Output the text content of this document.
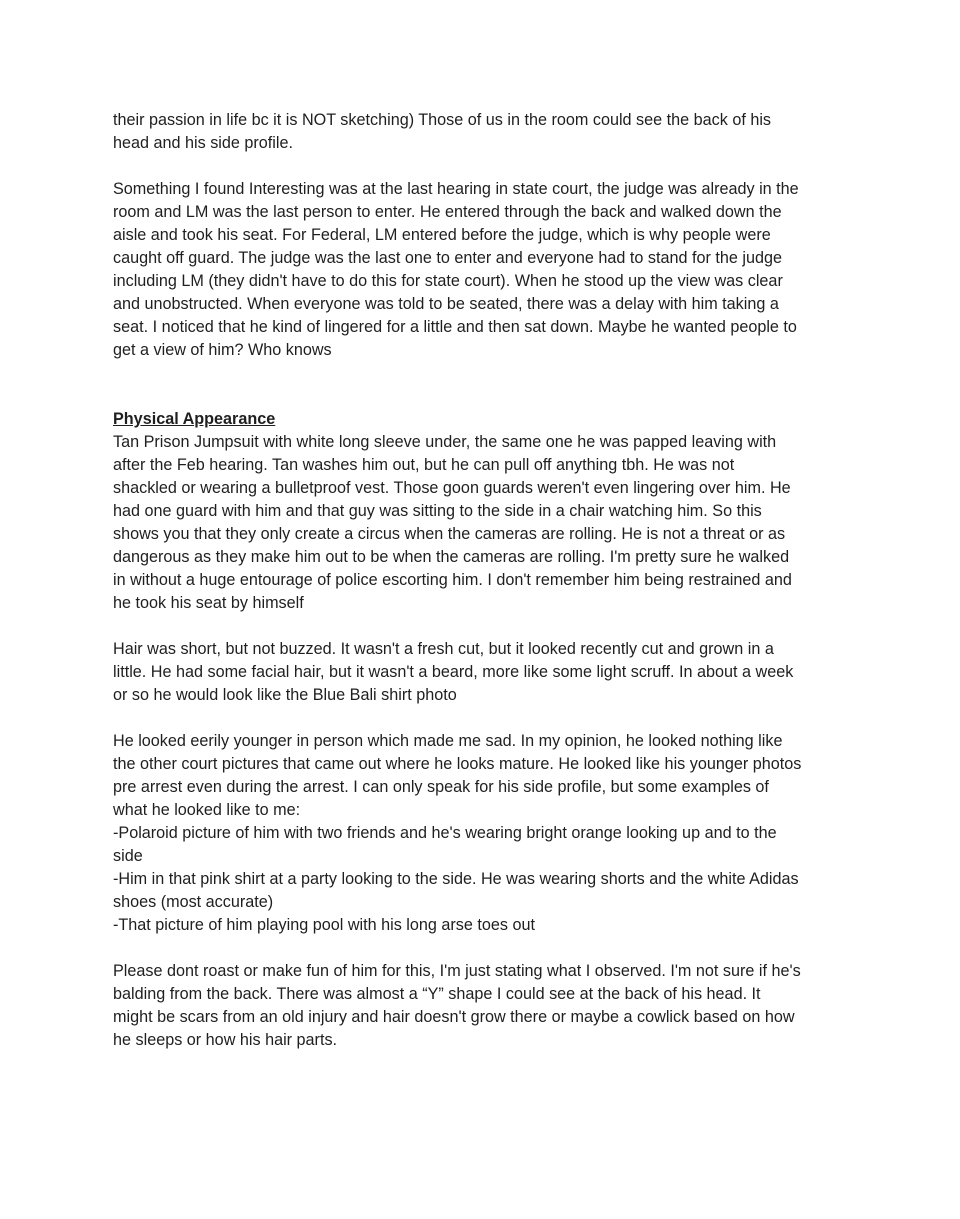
their passion in life bc it is NOT sketching) Those of us in the room could see the back of his
head and his side profile.
Something I found Interesting was at the last hearing in state court, the judge was already in the
room and LM was the last person to enter. He entered through the back and walked down the
aisle and took his seat. For Federal, LM entered before the judge, which is why people were
caught off guard. The judge was the last one to enter and everyone had to stand for the judge
including LM (they didn't have to do this for state court). When he stood up the view was clear
and unobstructed. When everyone was told to be seated, there was a delay with him taking a
seat. I noticed that he kind of lingered for a little and then sat down. Maybe he wanted people to
get a view of him? Who knows
Physical Appearance
Tan Prison Jumpsuit with white long sleeve under, the same one he was papped leaving with
after the Feb hearing. Tan washes him out, but he can pull off anything tbh. He was not
shackled or wearing a bulletproof vest. Those goon guards weren't even lingering over him. He
had one guard with him and that guy was sitting to the side in a chair watching him. So this
shows you that they only create a circus when the cameras are rolling. He is not a threat or as
dangerous as they make him out to be when the cameras are rolling. I'm pretty sure he walked
in without a huge entourage of police escorting him. I don't remember him being restrained and
he took his seat by himself
Hair was short, but not buzzed. It wasn't a fresh cut, but it looked recently cut and grown in a
little. He had some facial hair, but it wasn't a beard, more like some light scruff. In about a week
or so he would look like the Blue Bali shirt photo
He looked eerily younger in person which made me sad. In my opinion, he looked nothing like
the other court pictures that came out where he looks mature. He looked like his younger photos
pre arrest even during the arrest. I can only speak for his side profile, but some examples of
what he looked like to me:
-Polaroid picture of him with two friends and he's wearing bright orange looking up and to the
side
-Him in that pink shirt at a party looking to the side. He was wearing shorts and the white Adidas
shoes (most accurate)
-That picture of him playing pool with his long arse toes out
Please dont roast or make fun of him for this, I'm just stating what I observed. I'm not sure if he's
balding from the back. There was almost a “Y” shape I could see at the back of his head. It
might be scars from an old injury and hair doesn't grow there or maybe a cowlick based on how
he sleeps or how his hair parts.
